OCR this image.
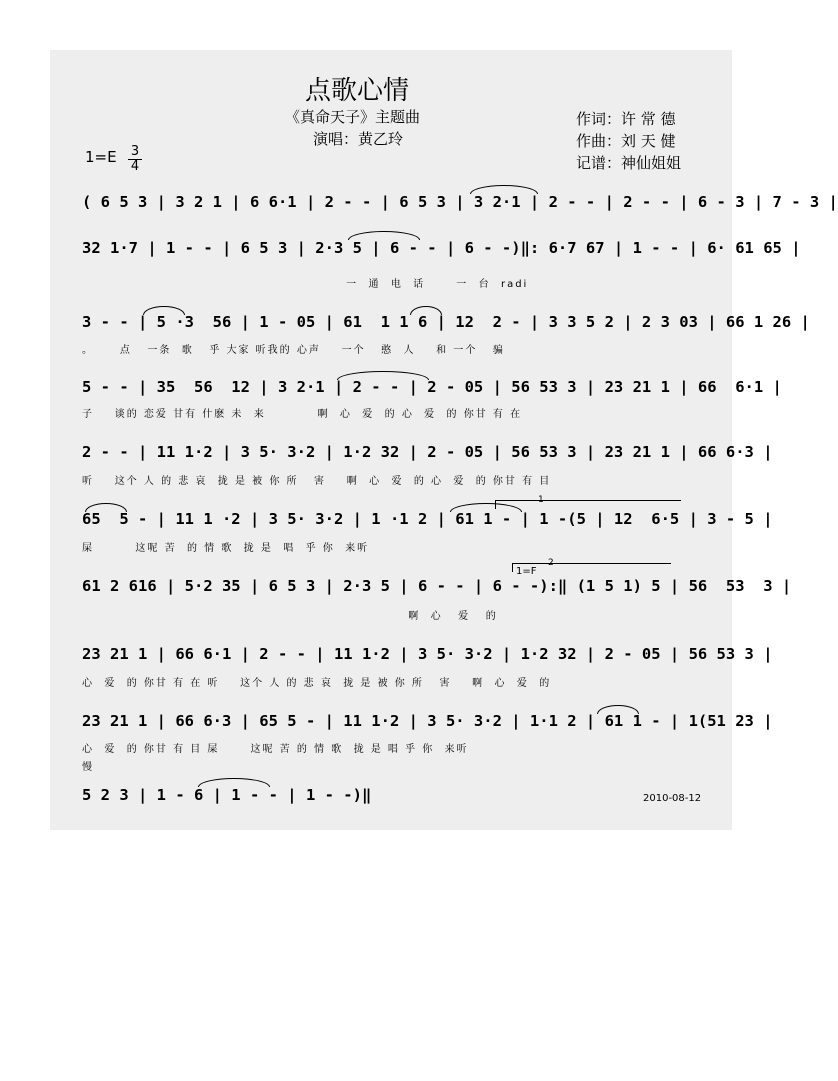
点歌心情
《真命天子》主题曲
演唱：黄乙玲
作词：许 常 德
作曲：刘 天 健
记谱：神仙姐姐
1=E 3
4
( 6 5 3 | 3 2 1 | 6 6·1 | 2 - - | 6 5 3 | 3 2·1 | 2 - - | 2 - - | 6 - 3 | 7 - 3 |
32 1·7 | 1 - - | 6 5 3 | 2·3 5 | 6 - - | 6 - -)‖: 6·7 67 | 1 - - | 6· 61 65 |
一  通  电  话      一  台  radi
3 - - | 5 ·3  56 | 1 - 05 | 61  1 1 6 | 12  2 - | 3 3 5 2 | 2 3 03 | 66 1 26 |
。     点   一条  歌   乎 大家 听我的 心声    一个   憨  人    和 一个   骗
5 - - | 35  56  12 | 3 2·1 | 2 - - | 2 - 05 | 56 53 3 | 23 21 1 | 66  6·1 |
子    谈的 恋爱 甘有 什麽 未  来          啊  心  爱  的 心  爱  的 你甘 有 在
2 - - | 11 1·2 | 3 5· 3·2 | 1·2 32 | 2 - 05 | 56 53 3 | 23 21 1 | 66 6·3 |
听    这个 人 的 悲 哀  拢 是 被 你 所   害    啊  心  爱  的 心  爱  的 你甘 有 目
65  5 - | 11 1 ·2 | 3 5· 3·2 | 1 ·1 2 | 61 1 - | 1 -(5 | 12  6·5 | 3 - 5 |
屎        这呢 苦  的 情 歌  拢 是  唱  乎 你  来听
61 2 616 | 5·2 35 | 6 5 3 | 2·3 5 | 6 - - | 6 - -):‖ (1 5 1) 5 | 56  53  3 |
啊  心   爱   的
23 21 1 | 66 6·1 | 2 - - | 11 1·2 | 3 5· 3·2 | 1·2 32 | 2 - 05 | 56 53 3 |
心  爱  的 你甘 有 在 听    这个 人 的 悲 哀  拢 是 被 你 所   害    啊  心  爱  的
23 21 1 | 66 6·3 | 65 5 - | 11 1·2 | 3 5· 3·2 | 1·1 2 | 61 1 - | 1(51 23 |
心  爱  的 你甘 有 目 屎      这呢 苦 的 情 歌  拢 是 唱 乎 你  来听
慢
5 2 3 | 1 - 6 | 1 - - | 1 - -)‖
1
2
1=F
2010-08-12
